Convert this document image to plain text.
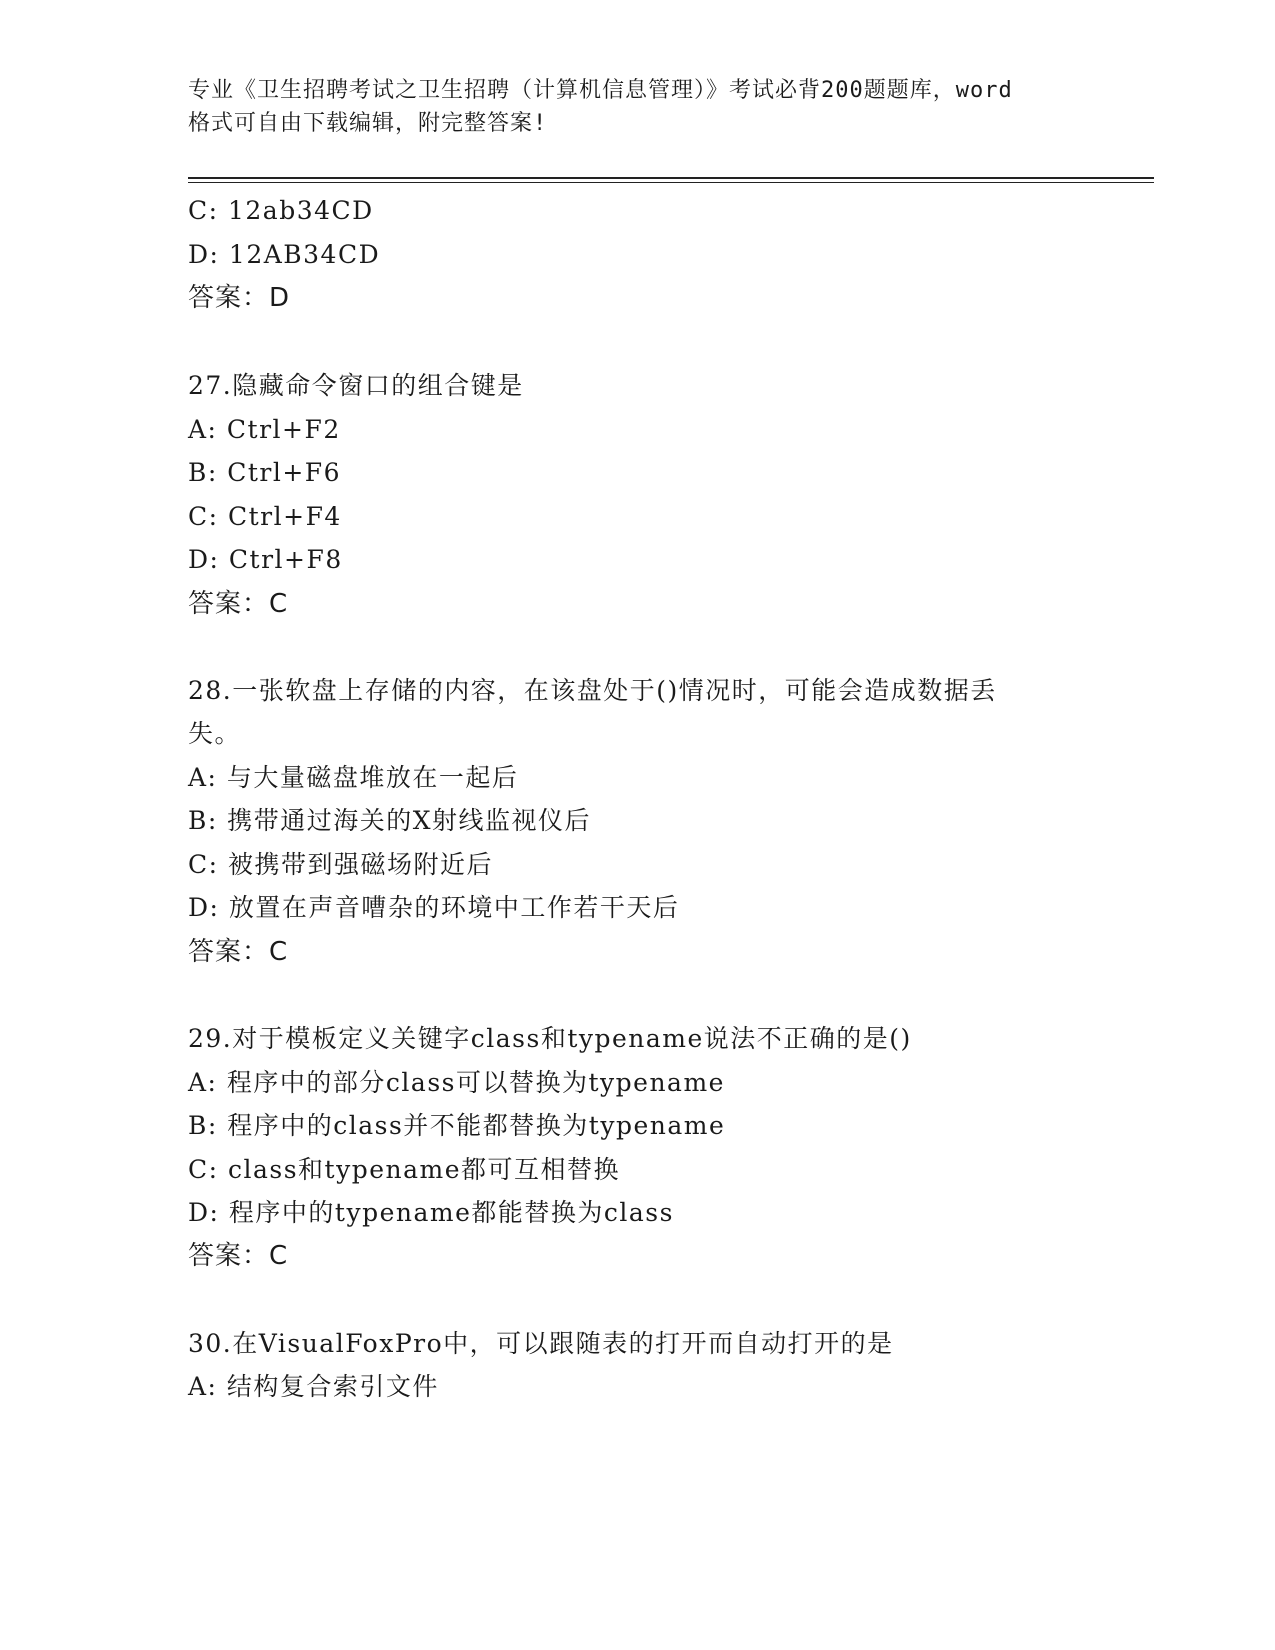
专业《卫生招聘考试之卫生招聘（计算机信息管理）》考试必背200题题库，word
格式可自由下载编辑，附完整答案!
C: 12ab34CD
D: 12AB34CD
答案：D
27.隐藏命令窗口的组合键是
A: Ctrl+F2
B: Ctrl+F6
C: Ctrl+F4
D: Ctrl+F8
答案：C
28.一张软盘上存储的内容，在该盘处于()情况时，可能会造成数据丢
失。
A: 与大量磁盘堆放在一起后
B: 携带通过海关的X射线监视仪后
C: 被携带到强磁场附近后
D: 放置在声音嘈杂的环境中工作若干天后
答案：C
29.对于模板定义关键字class和typename说法不正确的是()
A: 程序中的部分class可以替换为typename
B: 程序中的class并不能都替换为typename
C: class和typename都可互相替换
D: 程序中的typename都能替换为class
答案：C
30.在VisualFoxPro中，可以跟随表的打开而自动打开的是
A: 结构复合索引文件
